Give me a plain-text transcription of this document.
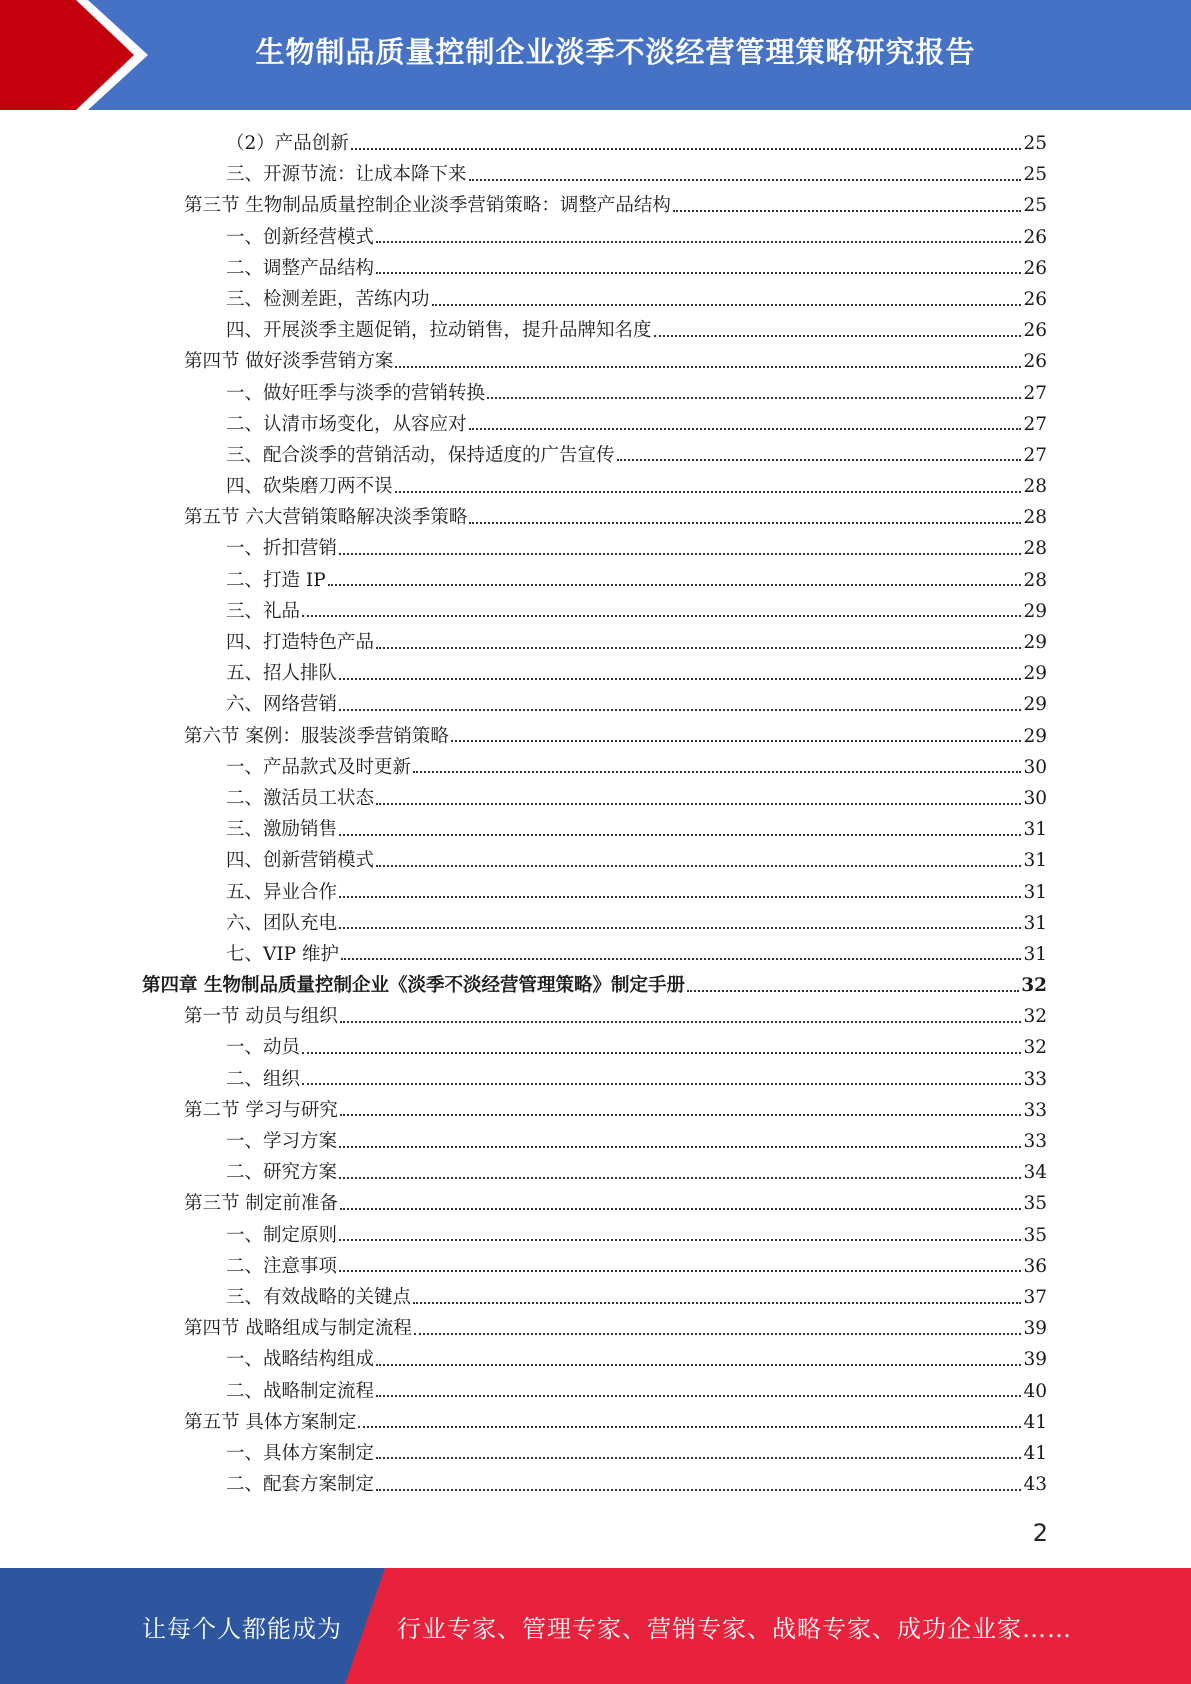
生物制品质量控制企业淡季不淡经营管理策略研究报告
（2）产品创新	25
三、开源节流：让成本降下来	25
第三节 生物制品质量控制企业淡季营销策略：调整产品结构	25
一、创新经营模式	26
二、调整产品结构	26
三、检测差距，苦练内功	26
四、开展淡季主题促销，拉动销售，提升品牌知名度	26
第四节 做好淡季营销方案	26
一、做好旺季与淡季的营销转换	27
二、认清市场变化，从容应对	27
三、配合淡季的营销活动，保持适度的广告宣传	27
四、砍柴磨刀两不误	28
第五节 六大营销策略解决淡季策略	28
一、折扣营销	28
二、打造 IP	28
三、礼品	29
四、打造特色产品	29
五、招人排队	29
六、网络营销	29
第六节 案例：服装淡季营销策略	29
一、产品款式及时更新	30
二、激活员工状态	30
三、激励销售	31
四、创新营销模式	31
五、异业合作	31
六、团队充电	31
七、VIP 维护	31
第四章 生物制品质量控制企业《淡季不淡经营管理策略》制定手册	32
第一节 动员与组织	32
一、动员	32
二、组织	33
第二节 学习与研究	33
一、学习方案	33
二、研究方案	34
第三节 制定前准备	35
一、制定原则	35
二、注意事项	36
三、有效战略的关键点	37
第四节 战略组成与制定流程	39
一、战略结构组成	39
二、战略制定流程	40
第五节 具体方案制定	41
一、具体方案制定	41
二、配套方案制定	43
2
让每个人都能成为 行业专家、管理专家、营销专家、战略专家、成功企业家……
